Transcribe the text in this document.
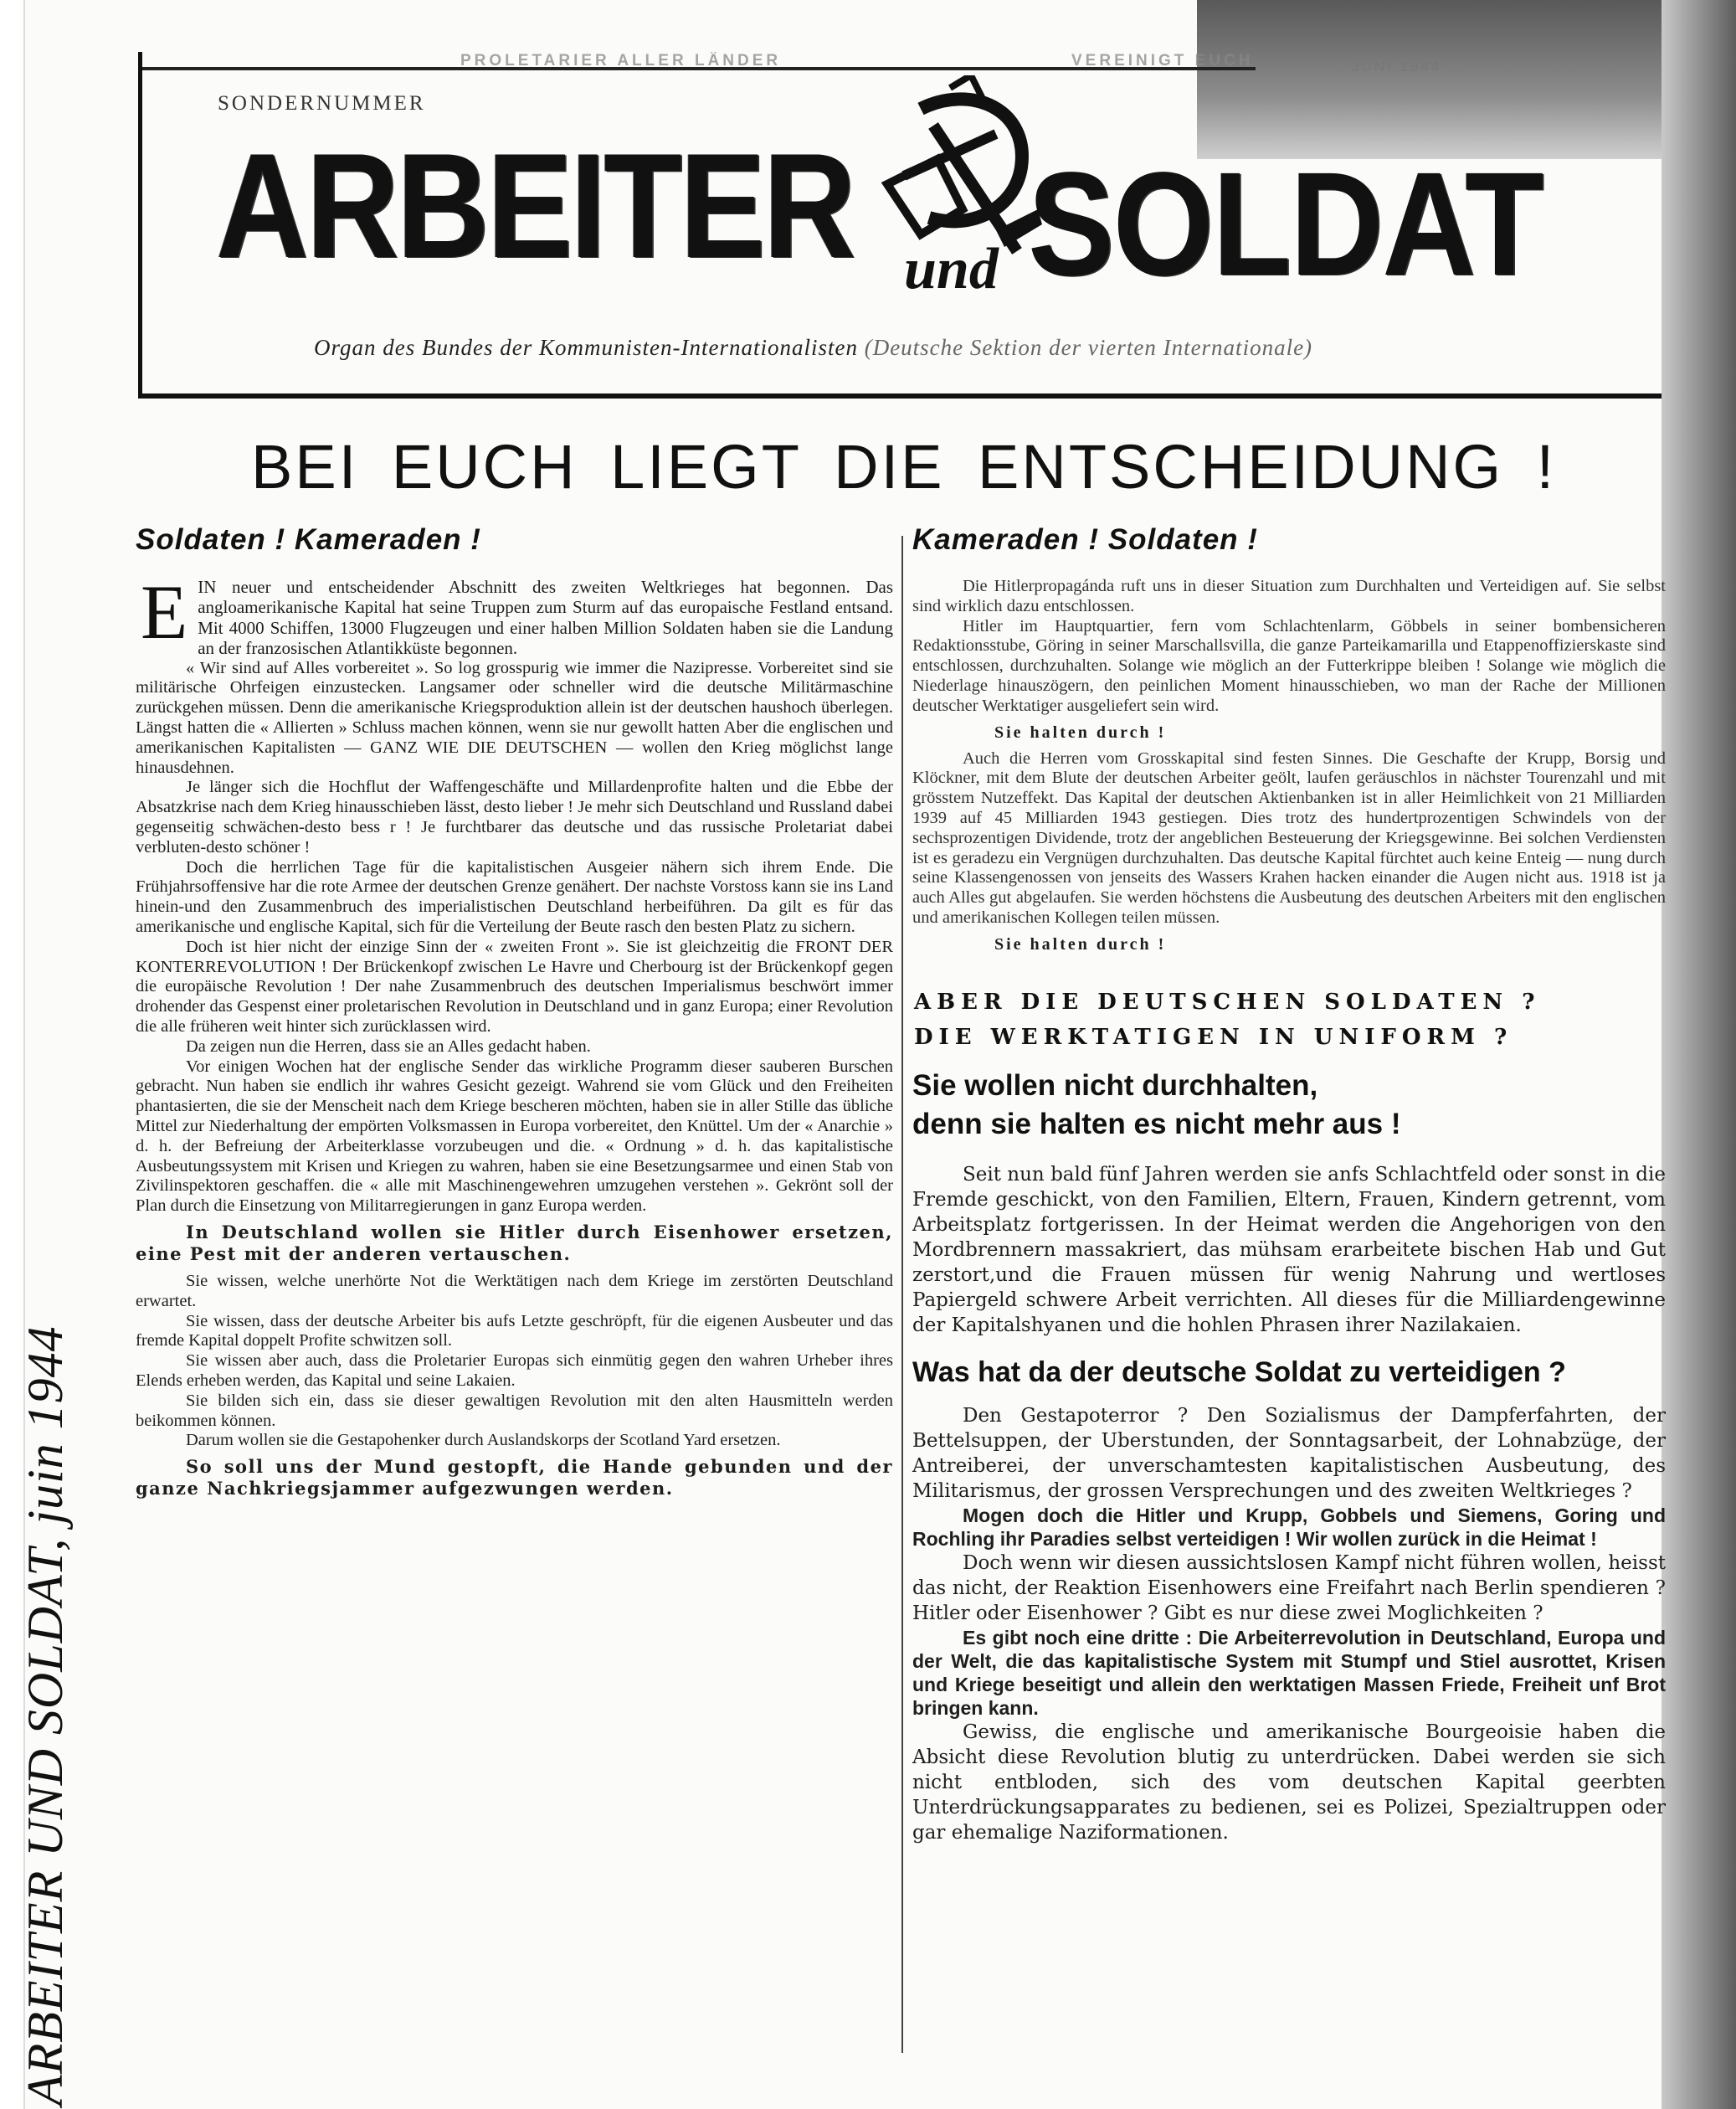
PROLETARIER ALLER LÄNDER	VEREINIGT EUCH	JUNI 1944
SONDERNUMMER
ARBEITER und SOLDAT
Organ des Bundes der Kommunisten-Internationalisten (Deutsche Sektion der vierten Internationale)
BEI EUCH LIEGT DIE ENTSCHEIDUNG !
Soldaten ! Kameraden !
E IN neuer und entscheidender Abschnitt des zweiten Weltkrieges hat begonnen. Das angloamerikanische Kapital hat seine Truppen zum Sturm auf das europaische Festland entsand. Mit 4000 Schiffen, 13000 Flugzeugen und einer halben Million Soldaten haben sie die Landung an der franzosischen Atlantikküste begonnen.

« Wir sind auf Alles vorbereitet ». So log grosspurig wie immer die Nazipresse. Vorbereitet sind sie militärische Ohrfeigen einzustecken. Langsamer oder schneller wird die deutsche Militärmaschine zurückgehen müssen. Denn die amerikanische Kriegsproduktion allein ist der deutschen haushoch überlegen. Längst hatten die « Allierten » Schluss machen können, wenn sie nur gewollt hatten Aber die englischen und amerikanischen Kapitalisten — GANZ WIE DIE DEUTSCHEN — wollen den Krieg möglichst lange hinausdehnen.

Je länger sich die Hochflut der Waffengeschäfte und Millardenprofite halten und die Ebbe der Absatzkrise nach dem Krieg hinausschieben lässt, desto lieber ! Je mehr sich Deutschland und Russland dabei gegenseitig schwächen-desto bess r ! Je furchtbarer das deutsche und das russische Proletariat dabei verbluten-desto schöner !

Doch die herrlichen Tage für die kapitalistischen Ausgeier nähern sich ihrem Ende. Die Frühjahrsoffensive har die rote Armee der deutschen Grenze genähert. Der nachste Vorstoss kann sie ins Land hinein-und den Zusammenbruch des imperialistischen Deutschland herbeiführen. Da gilt es für das amerikanische und englische Kapital, sich für die Verteilung der Beute rasch den besten Platz zu sichern.

Doch ist hier nicht der einzige Sinn der « zweiten Front ». Sie ist gleichzeitig die FRONT DER KONTERREVOLUTION ! Der Brückenkopf zwischen Le Havre und Cherbourg ist der Brückenkopf gegen die europäische Revolution ! Der nahe Zusammenbruch des deutschen Imperialismus beschwört immer drohender das Gespenst einer proletarischen Revolution in Deutschland und in ganz Europa; einer Revolution die alle früheren weit hinter sich zurücklassen wird.

Da zeigen nun die Herren, dass sie an Alles gedacht haben.

Vor einigen Wochen hat der englische Sender das wirkliche Programm dieser sauberen Burschen gebracht. Nun haben sie endlich ihr wahres Gesicht gezeigt. Wahrend sie vom Glück und den Freiheiten phantasierten, die sie der Menscheit nach dem Kriege bescheren möchten, haben sie in aller Stille das übliche Mittel zur Niederhaltung der empörten Volksmassen in Europa vorbereitet, den Knüttel. Um der « Anarchie » d. h. der Befreiung der Arbeiterklasse vorzubeugen und die. « Ordnung » d. h. das kapitalistische Ausbeutungssystem mit Krisen und Kriegen zu wahren, haben sie eine Besetzungsarmee und einen Stab von Zivilinspektoren geschaffen. die « alle mit Maschinengewehren umzugehen verstehen ». Gekrönt soll der Plan durch die Einsetzung von Militarregierungen in ganz Europa werden.

In Deutschland wollen sie Hitler durch Eisenhower ersetzen, eine Pest mit der anderen vertauschen.

Sie wissen, welche unerhörte Not die Werktätigen nach dem Kriege im zerstörten Deutschland erwartet.

Sie wissen, dass der deutsche Arbeiter bis aufs Letzte geschröpft, für die eigenen Ausbeuter und das fremde Kapital doppelt Profite schwitzen soll.

Sie wissen aber auch, dass die Proletarier Europas sich einmütig gegen den wahren Urheber ihres Elends erheben werden, das Kapital und seine Lakaien.

Sie bilden sich ein, dass sie dieser gewaltigen Revolution mit den alten Hausmitteln werden beikommen können.

Darum wollen sie die Gestapohenker durch Auslandskorps der Scotland Yard ersetzen.

So soll uns der Mund gestopft, die Hande gebunden und der ganze Nachkriegsjammer aufgezwungen werden.

Kameraden ! Soldaten !

Die Hitlerpropagánda ruft uns in dieser Situation zum Durchhalten und Verteidigen auf. Sie selbst sind wirklich dazu entschlossen.

Hitler im Hauptquartier, fern vom Schlachtenlarm, Göbbels in seiner bombensicheren Redaktionsstube, Göring in seiner Marschallsvilla, die ganze Parteikamarilla und Etappenoffizierskaste sind entschlossen, durchzuhalten. Solange wie möglich an der Futterkrippe bleiben ! Solange wie möglich die Niederlage hinauszögern, den peinlichen Moment hinausschieben, wo man der Rache der Millionen deutscher Werktatiger ausgeliefert sein wird.

Sie halten durch !

Auch die Herren vom Grosskapital sind festen Sinnes. Die Geschafte der Krupp, Borsig und Klöckner, mit dem Blute der deutschen Arbeiter geölt, laufen geräuschlos in nächster Tourenzahl und mit grösstem Nutzeffekt. Das Kapital der deutschen Aktienbanken ist in aller Heimlichkeit von 21 Milliarden 1939 auf 45 Milliarden 1943 gestiegen. Dies trotz des hundertprozentigen Schwindels von der sechsprozentigen Dividende, trotz der angeblichen Besteuerung der Kriegsgewinne. Bei solchen Verdiensten ist es geradezu ein Vergnügen durchzuhalten. Das deutsche Kapital fürchtet auch keine Enteig — nung durch seine Klassengenossen von jenseits des Wassers Krahen hacken einander die Augen nicht aus. 1918 ist ja auch Alles gut abgelaufen. Sie werden höchstens die Ausbeutung des deutschen Arbeiters mit den englischen und amerikanischen Kollegen teilen müssen.

Sie halten durch !
ABER DIE DEUTSCHEN SOLDATEN ?
DIE WERKTATIGEN IN UNIFORM ?
Sie wollen nicht durchhalten,
denn sie halten es nicht mehr aus !

Seit nun bald fünf Jahren werden sie anfs Schlachtfeld oder sonst in die Fremde geschickt, von den Familien, Eltern, Frauen, Kindern getrennt, vom Arbeitsplatz fortgerissen. In der Heimat werden die Angehorigen von den Mordbrennern massakriert, das mühsam erarbeitete bischen Hab und Gut zerstort,und die Frauen müssen für wenig Nahrung und wertloses Papiergeld schwere Arbeit verrichten. All dieses für die Milliardengewinne der Kapitalshyanen und die hohlen Phrasen ihrer Nazilakaien.

Was hat da der deutsche Soldat zu verteidigen ?

Den Gestapoterror ? Den Sozialismus der Dampferfahrten, der Bettelsuppen, der Uberstunden, der Sonntagsarbeit, der Lohnabzüge, der Antreiberei, der unverschamtesten kapitalistischen Ausbeutung, des Militarismus, der grossen Versprechungen und des zweiten Weltkrieges ?

Mogen doch die Hitler und Krupp, Gobbels und Siemens, Goring und Rochling ihr Paradies selbst verteidigen ! Wir wollen zurück in die Heimat !

Doch wenn wir diesen aussichtslosen Kampf nicht führen wollen, heisst das nicht, der Reaktion Eisenhowers eine Freifahrt nach Berlin spendieren ? Hitler oder Eisenhower ? Gibt es nur diese zwei Moglichkeiten ?

Es gibt noch eine dritte : Die Arbeiterrevolution in Deutschland, Europa und der Welt, die das kapitalistische System mit Stumpf und Stiel ausrottet, Krisen und Kriege beseitigt und allein den werktatigen Massen Friede, Freiheit unf Brot bringen kann.

Gewiss, die englische und amerikanische Bourgeoisie haben die Absicht diese Revolution blutig zu unterdrücken. Dabei werden sie sich nicht entbloden, sich des vom deutschen Kapital geerbten Unterdrückungsapparates zu bedienen, sei es Polizei, Spezialtruppen oder gar ehemalige Naziformationen.

ARBEITER UND SOLDAT, juin 1944
